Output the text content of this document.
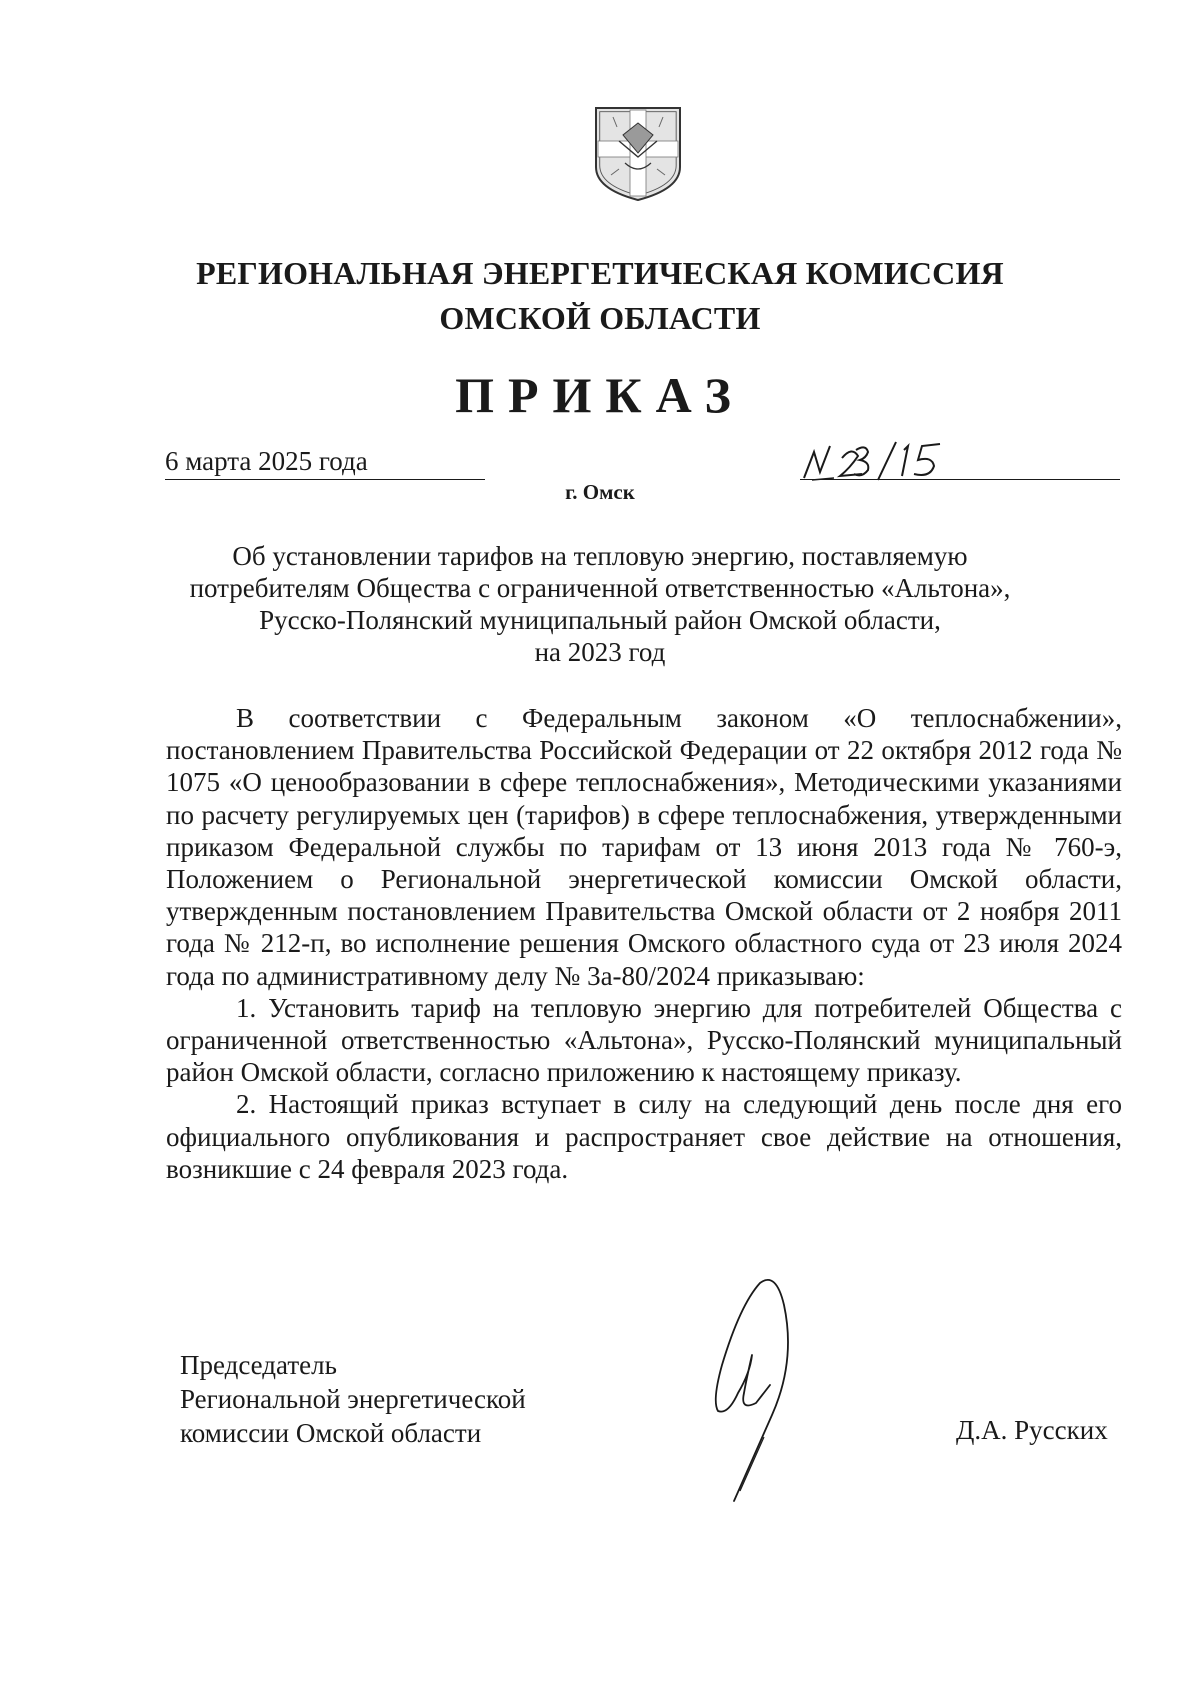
РЕГИОНАЛЬНАЯ ЭНЕРГЕТИЧЕСКАЯ КОМИССИЯ
ОМСКОЙ ОБЛАСТИ
ПРИКАЗ
6 марта 2025 года
г. Омск
Об установлении тарифов на тепловую энергию, поставляемую
потребителям Общества с ограниченной ответственностью «Альтона»,
Русско-Полянский муниципальный район Омской области,
на 2023 год

В соответствии с Федеральным законом «О теплоснабжении», постановлением Правительства Российской Федерации от 22 октября 2012 года № 1075 «О ценообразовании в сфере теплоснабжения», Методическими указаниями по расчету регулируемых цен (тарифов) в сфере теплоснабжения, утвержденными приказом Федеральной службы по тарифам от 13 июня 2013 года № 760-э, Положением о Региональной энергетической комиссии Омской области, утвержденным постановлением Правительства Омской области от 2 ноября 2011 года № 212-п, во исполнение решения Омского областного суда от 23 июля 2024 года по административному делу № 3а-80/2024 приказываю:

1. Установить тариф на тепловую энергию для потребителей Общества с ограниченной ответственностью «Альтона», Русско-Полянский муниципальный район Омской области, согласно приложению к настоящему приказу.

2. Настоящий приказ вступает в силу на следующий день после дня его официального опубликования и распространяет свое действие на отношения, возникшие с 24 февраля 2023 года.

Председатель
Региональной энергетической
комиссии Омской области	Д.А. Русских
